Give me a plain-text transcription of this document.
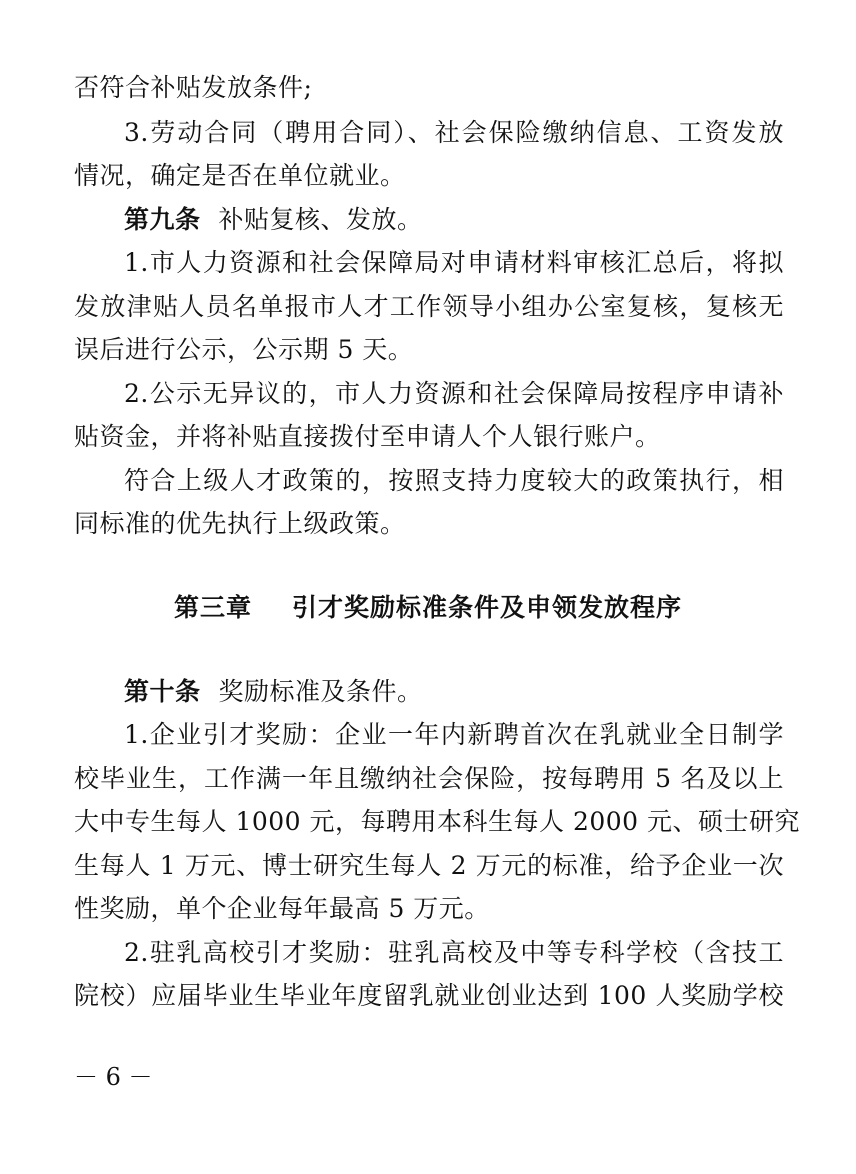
否符合补贴发放条件;
3.劳动合同（聘用合同）、社会保险缴纳信息、工资发放
情况，确定是否在单位就业。
第九条 补贴复核、发放。
1.市人力资源和社会保障局对申请材料审核汇总后，将拟
发放津贴人员名单报市人才工作领导小组办公室复核，复核无
误后进行公示，公示期 5 天。
2.公示无异议的，市人力资源和社会保障局按程序申请补
贴资金，并将补贴直接拨付至申请人个人银行账户。
符合上级人才政策的，按照支持力度较大的政策执行，相
同标准的优先执行上级政策。
第三章 引才奖励标准条件及申领发放程序
第十条 奖励标准及条件。
1.企业引才奖励：企业一年内新聘首次在乳就业全日制学
校毕业生，工作满一年且缴纳社会保险，按每聘用 5 名及以上
大中专生每人 1000 元，每聘用本科生每人 2000 元、硕士研究
生每人 1 万元、博士研究生每人 2 万元的标准，给予企业一次
性奖励，单个企业每年最高 5 万元。
2.驻乳高校引才奖励：驻乳高校及中等专科学校（含技工
院校）应届毕业生毕业年度留乳就业创业达到 100 人奖励学校
－ 6 －
